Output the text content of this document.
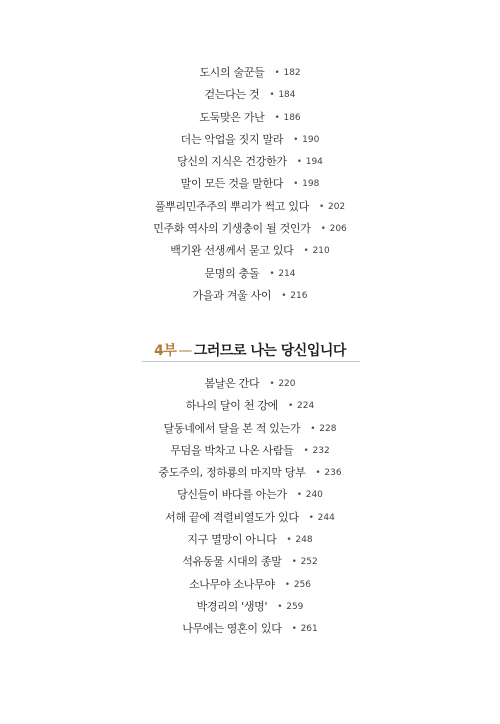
도시의 술꾼들 • 182
걷는다는 것 • 184
도둑맞은 가난 • 186
더는 악업을 짓지 말라 • 190
당신의 지식은 건강한가 • 194
말이 모든 것을 말한다 • 198
풀뿌리민주주의 뿌리가 썩고 있다 • 202
민주화 역사의 기생충이 될 것인가 • 206
백기완 선생께서 묻고 있다 • 210
문명의 충돌 • 214
가을과 겨울 사이 • 216
4부 — 그러므로 나는 당신입니다
봄날은 간다 • 220
하나의 달이 천 강에 • 224
달동네에서 달을 본 적 있는가 • 228
무덤을 박차고 나온 사람들 • 232
중도주의, 정하룡의 마지막 당부 • 236
당신들이 바다를 아는가 • 240
서해 끝에 격렬비열도가 있다 • 244
지구 멸망이 아니다 • 248
석유동물 시대의 종말 • 252
소나무야 소나무야 • 256
박경리의 '생명' • 259
나무에는 영혼이 있다 • 261
